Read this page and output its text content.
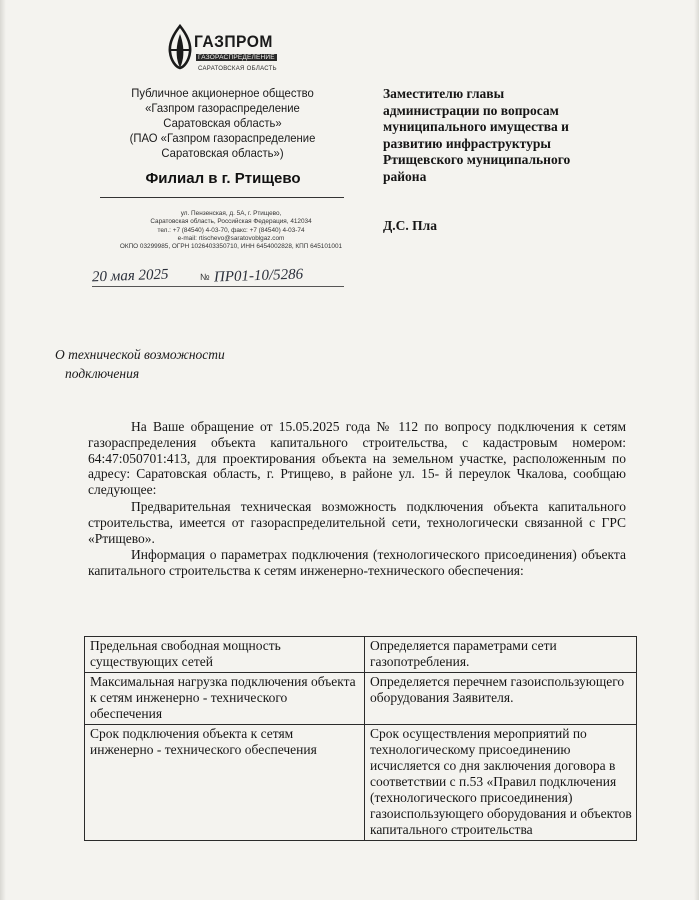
ГАЗПРОМ
ГАЗОРАСПРЕДЕЛЕНИЕ
САРАТОВСКАЯ ОБЛАСТЬ
Публичное акционерное общество
«Газпром газораспределение
Саратовская область»
(ПАО «Газпром газораспределение
Саратовская область»)
Филиал в г. Ртищево
ул. Пензенская, д. 5А, г. Ртищево,
Саратовская область, Российская Федерация, 412034
тел.: +7 (84540) 4-03-70, факс: +7 (84540) 4-03-74
e-mail: rtischevo@saratovoblgaz.com
ОКПО 03299985, ОГРН 1026403350710, ИНН 6454002828, КПП 645101001
20 мая 2025	№ ПР01-10/5286
Заместителю главы
администрации по вопросам
муниципального имущества и
развитию инфраструктуры
Ртищевского муниципального
района
Д.С. Пла
О технической возможности
подключения

На Ваше обращение от 15.05.2025 года № 112 по вопросу подключения к сетям газораспределения объекта капитального строительства, с кадастровым номером: 64:47:050701:413, для проектирования объекта на земельном участке, расположенным по адресу: Саратовская область, г. Ртищево, в районе ул. 15- й переулок Чкалова, сообщаю следующее:

Предварительная техническая возможность подключения объекта капитального строительства, имеется от газораспределительной сети, технологически связанной с ГРС «Ртищево».

Информация о параметрах подключения (технологического присоединения) объекта капитального строительства к сетям инженерно-технического обеспечения:

Предельная свободная мощность существующих сетей	Определяется параметрами сети газопотребления.
Максимальная нагрузка подключения объекта к сетям инженерно - технического обеспечения	Определяется перечнем газоиспользующего оборудования Заявителя.
Срок подключения объекта к сетям инженерно - технического обеспечения	Срок осуществления мероприятий по технологическому присоединению исчисляется со дня заключения договора в соответствии с п.53 «Правил подключения (технологического присоединения) газоиспользующего оборудования и объектов капитального строительства
